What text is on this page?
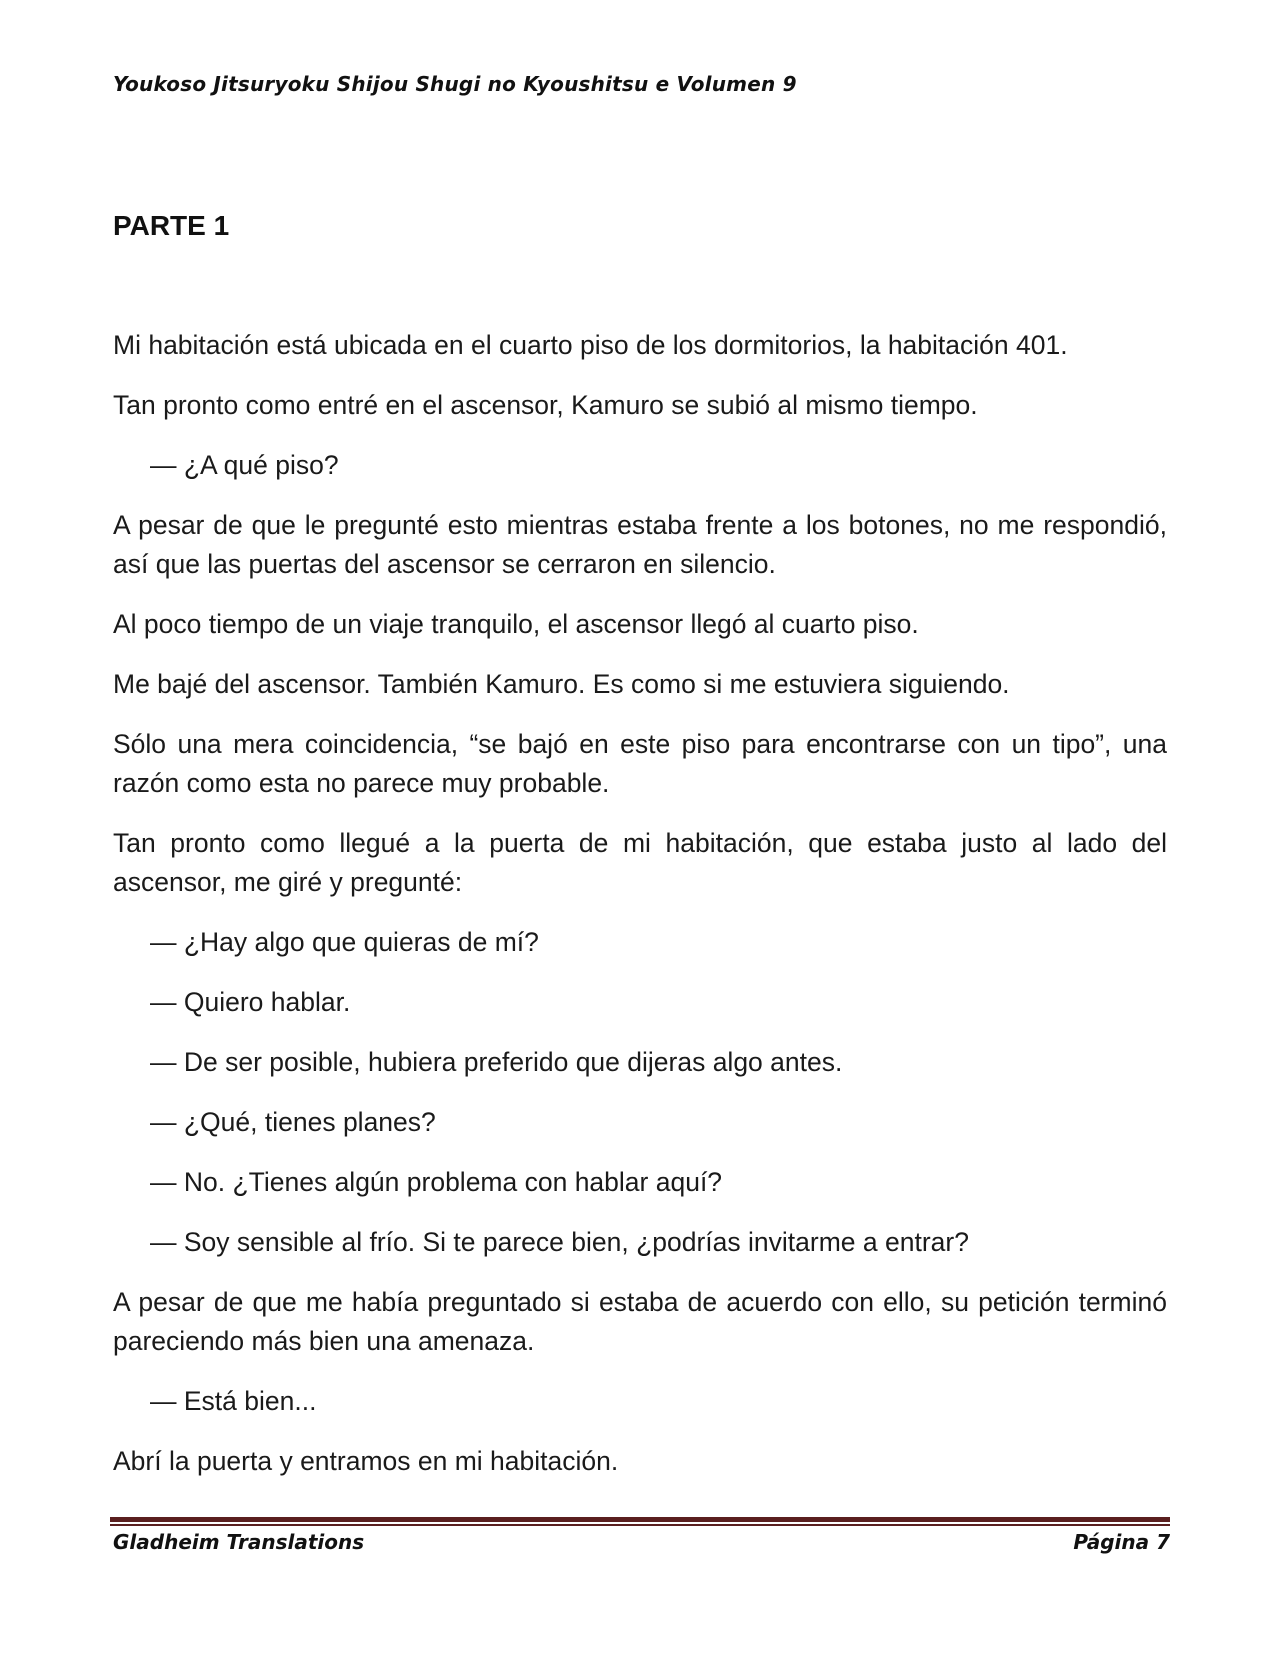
Youkoso Jitsuryoku Shijou Shugi no Kyoushitsu e Volumen 9
PARTE 1

Mi habitación está ubicada en el cuarto piso de los dormitorios, la habitación 401.

Tan pronto como entré en el ascensor, Kamuro se subió al mismo tiempo.

— ¿A qué piso?

A pesar de que le pregunté esto mientras estaba frente a los botones, no me respondió, así que las puertas del ascensor se cerraron en silencio.

Al poco tiempo de un viaje tranquilo, el ascensor llegó al cuarto piso.

Me bajé del ascensor. También Kamuro. Es como si me estuviera siguiendo.

Sólo una mera coincidencia, “se bajó en este piso para encontrarse con un tipo”, una razón como esta no parece muy probable.

Tan pronto como llegué a la puerta de mi habitación, que estaba justo al lado del ascensor, me giré y pregunté:

— ¿Hay algo que quieras de mí?

— Quiero hablar.

— De ser posible, hubiera preferido que dijeras algo antes.

— ¿Qué, tienes planes?

— No. ¿Tienes algún problema con hablar aquí?

— Soy sensible al frío. Si te parece bien, ¿podrías invitarme a entrar?

A pesar de que me había preguntado si estaba de acuerdo con ello, su petición terminó pareciendo más bien una amenaza.

— Está bien...

Abrí la puerta y entramos en mi habitación.

Gladheim Translations	Página 7
